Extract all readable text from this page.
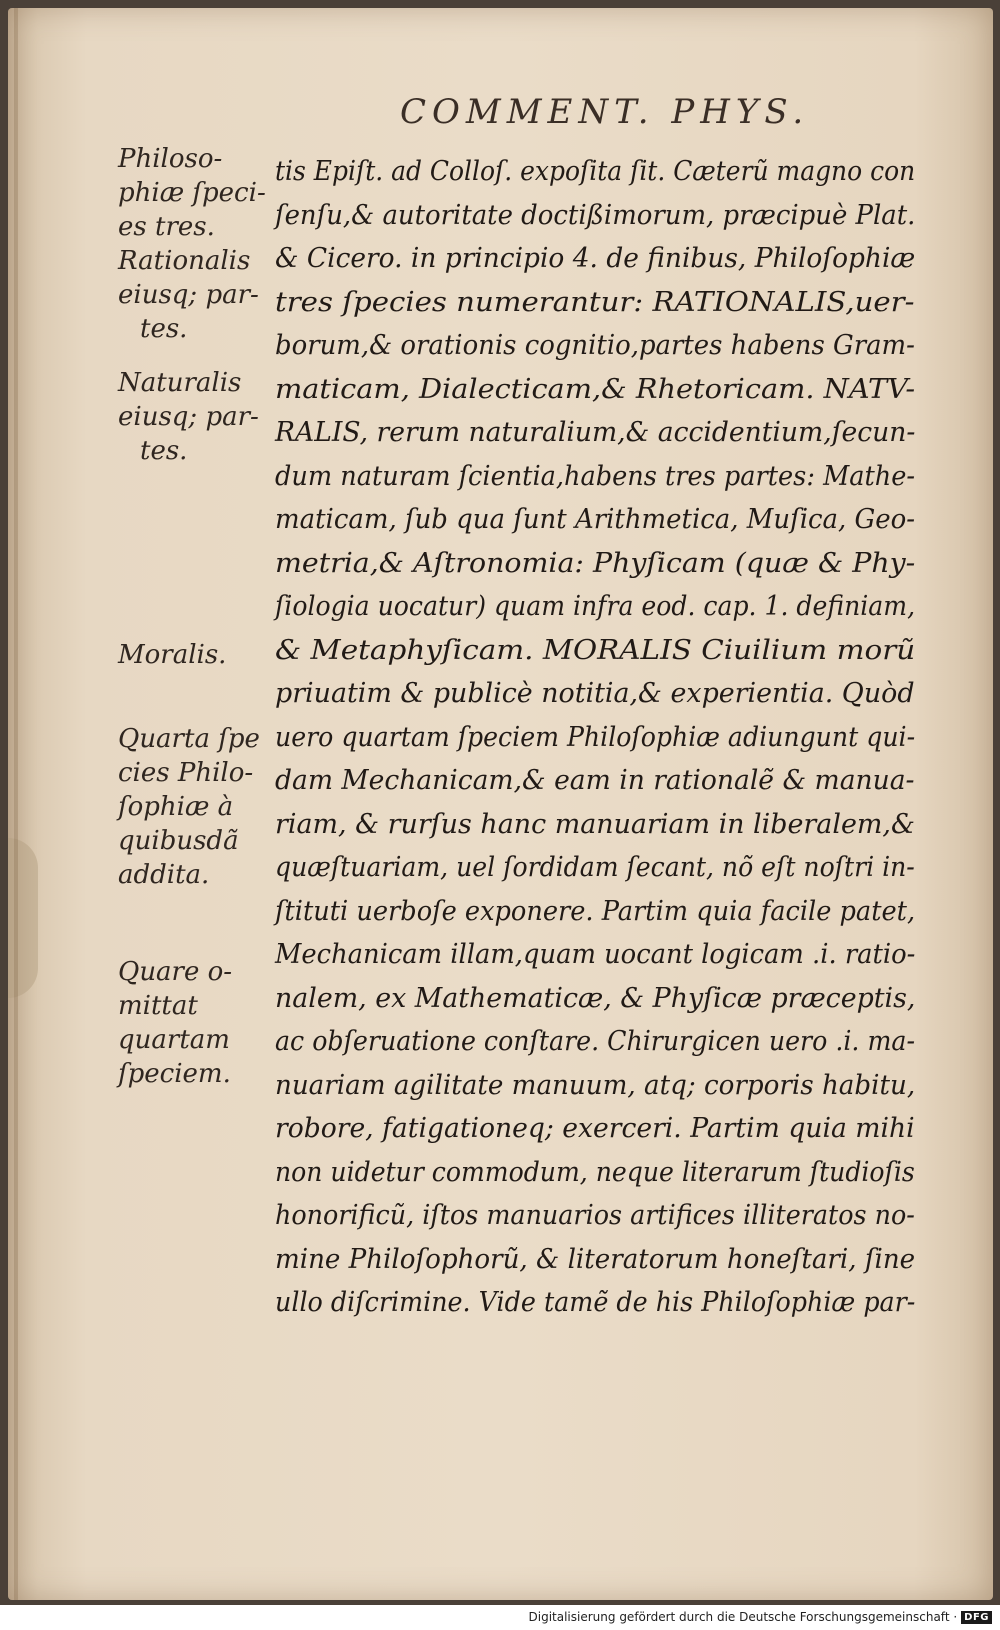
COMMENT. PHYS.
Philoso-
phiæ ſpeci-
es tres.
Rationalis
eiusq; par-
tes.
Naturalis
eiusq; par-
tes.
Moralis.
Quarta ſpe
cies Philo-
ſophiæ à
quibusdã
addita.
Quare o-
mittat
quartam
ſpeciem.
tis Epiſt. ad Colloſ. expoſita ſit. Cæterũ magno con
ſenſu,& autoritate doctißimorum, præcipuè Plat.
& Cicero. in principio 4. de finibus, Philoſophiæ
tres ſpecies numerantur: RATIONALIS,uer-
borum,& orationis cognitio,partes habens Gram-
maticam, Dialecticam,& Rhetoricam. NATV-
RALIS, rerum naturalium,& accidentium,ſecun-
dum naturam ſcientia,habens tres partes: Mathe-
maticam, ſub qua ſunt Arithmetica, Muſica, Geo-
metria,& Aſtronomia: Phyſicam (quæ & Phy-
ſiologia uocatur) quam infra eod. cap. 1. definiam,
& Metaphyſicam. MORALIS Ciuilium morũ
priuatim & publicè notitia,& experientia. Quòd
uero quartam ſpeciem Philoſophiæ adiungunt qui-
dam Mechanicam,& eam in rationalẽ & manua-
riam, & rurſus hanc manuariam in liberalem,&
quæſtuariam, uel ſordidam ſecant, nõ eſt noſtri in-
ſtituti uerboſe exponere. Partim quia facile patet,
Mechanicam illam,quam uocant logicam .i. ratio-
nalem, ex Mathematicæ, & Phyſicæ præceptis,
ac obſeruatione conſtare. Chirurgicen uero .i. ma-
nuariam agilitate manuum, atq; corporis habitu,
robore, fatigationeq; exerceri. Partim quia mihi
non uidetur commodum, neque literarum ſtudioſis
honorificũ, iſtos manuarios artifices illiteratos no-
mine Philoſophorũ, & literatorum honeſtari, ſine
ullo diſcrimine. Vide tamẽ de his Philoſophiæ par-
Digitalisierung gefördert durch die Deutsche Forschungsgemeinschaft · DFG
